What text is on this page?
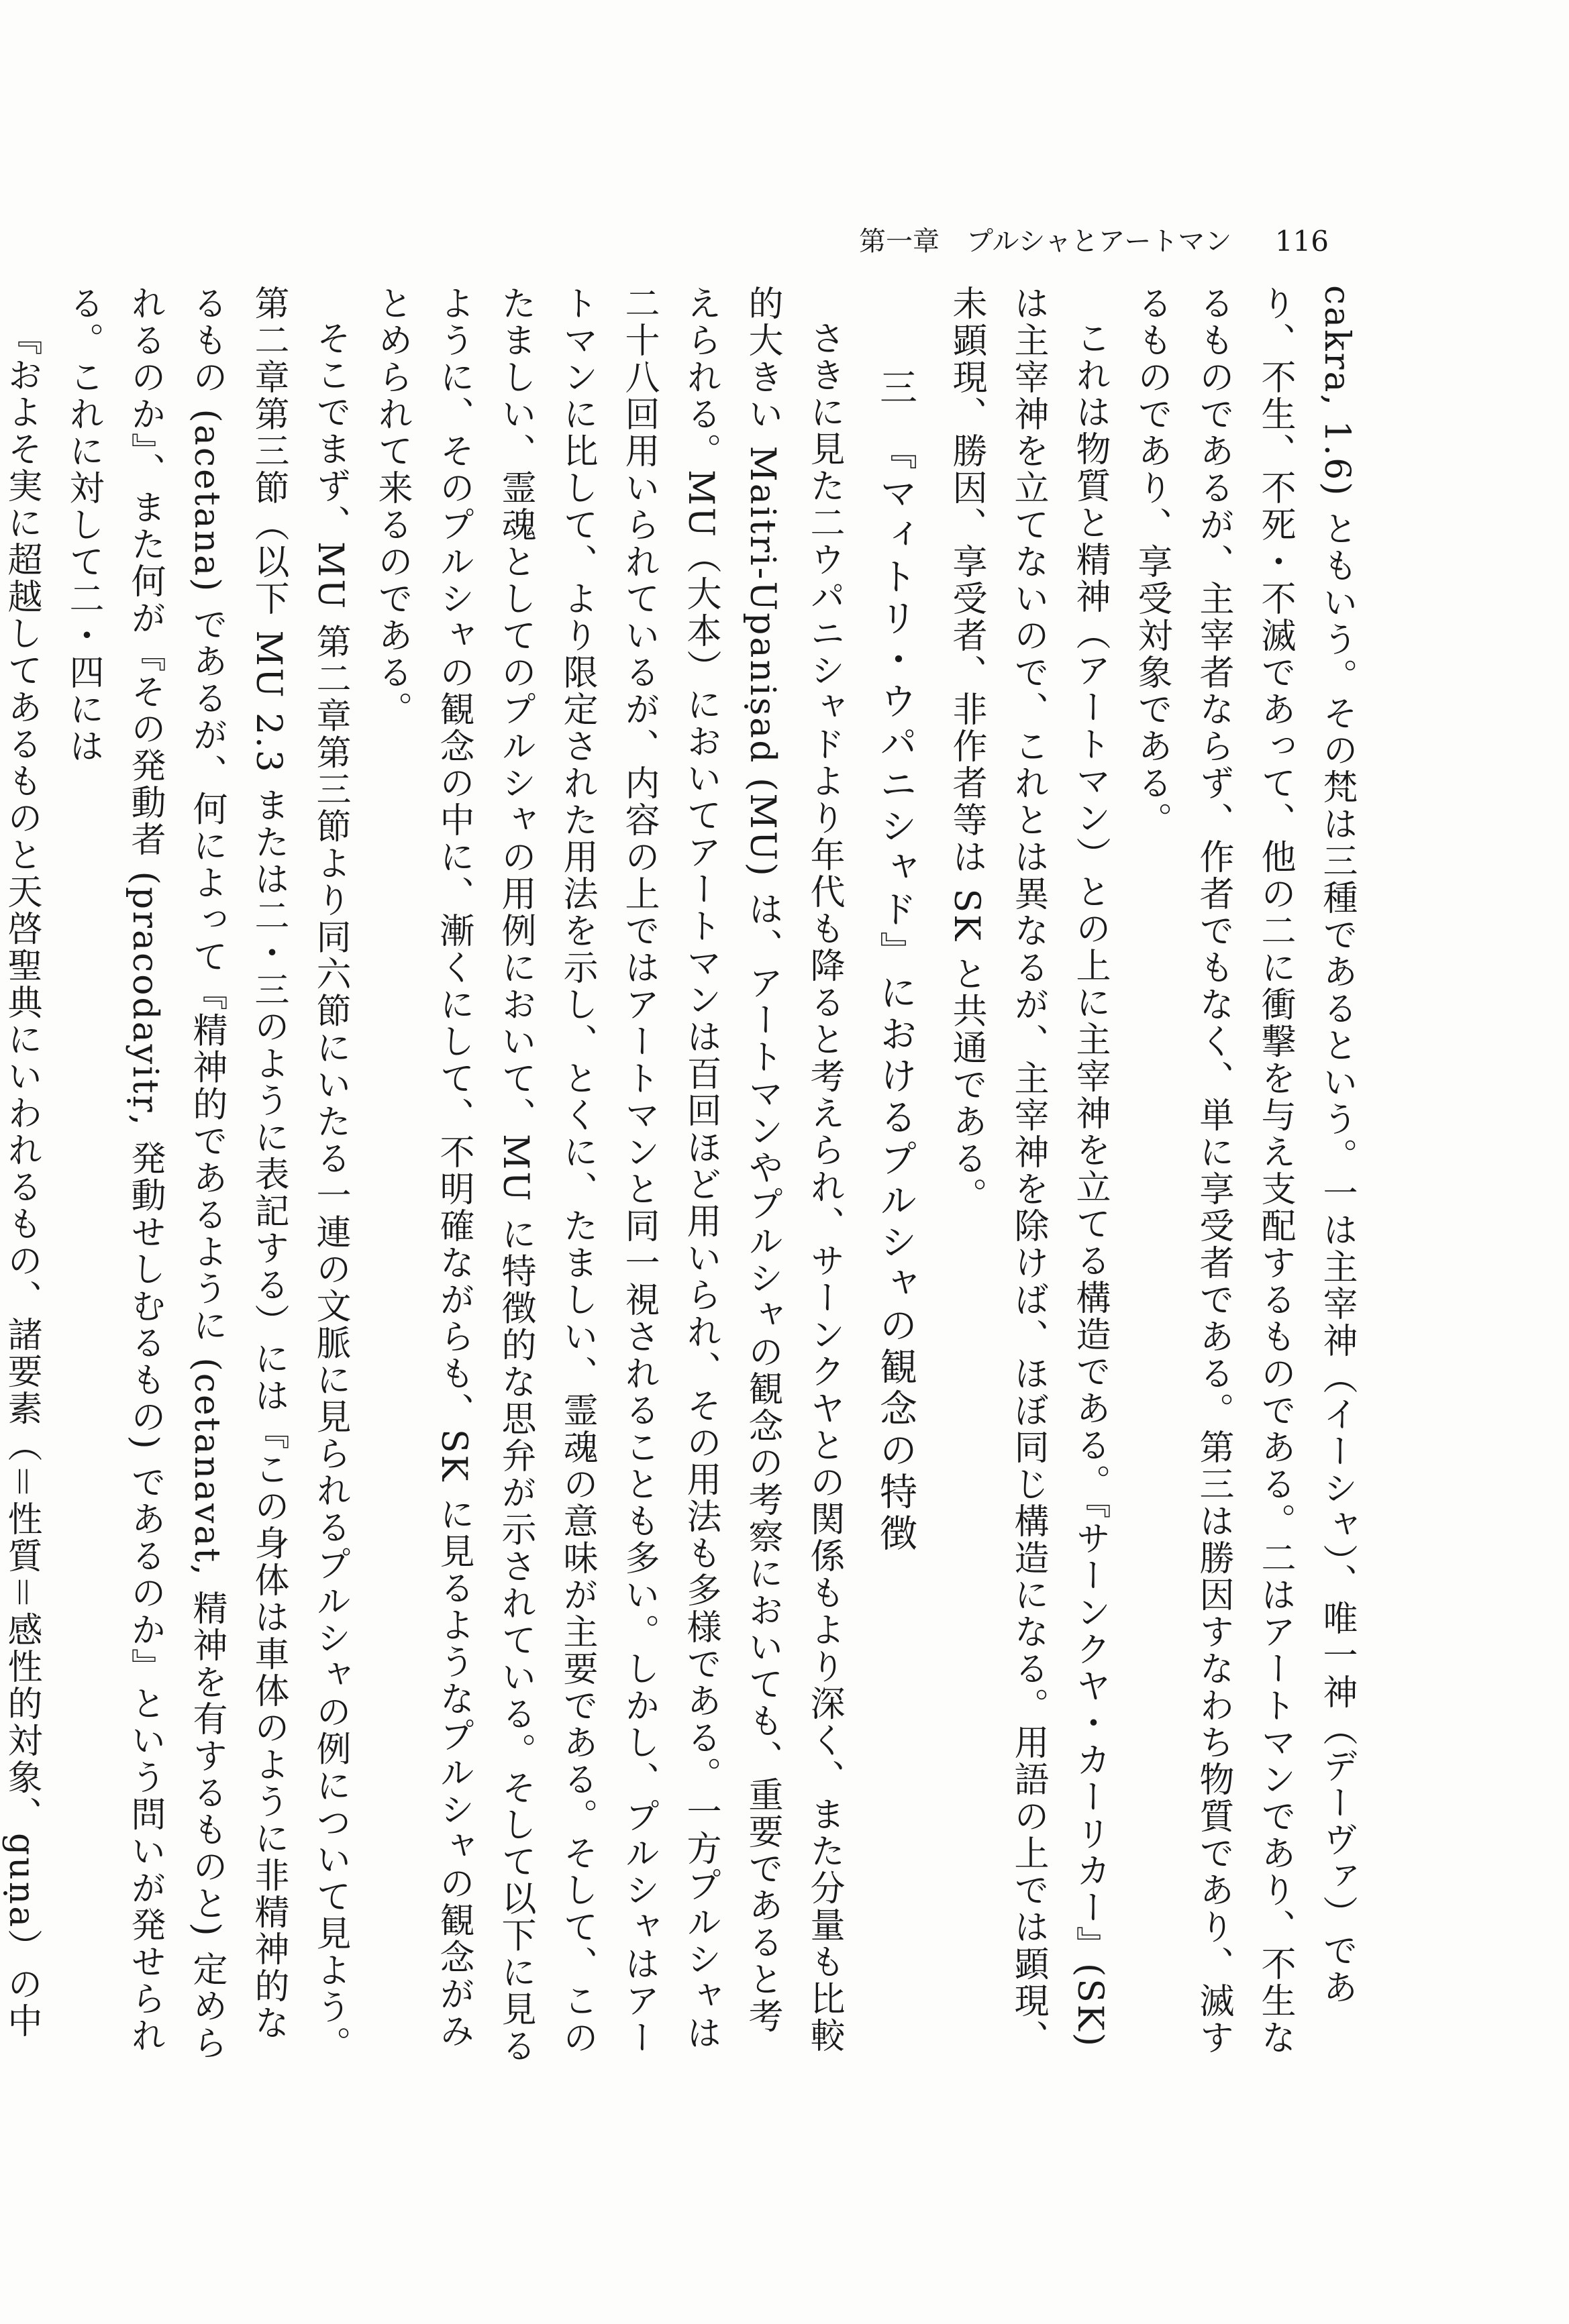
第一章　プルシャとアートマン 116

cakra, 1.6) ともいう。その梵は三種であるという。一は主宰神（イーシャ）、唯一神（デーヴァ）であり、不生、不死・不滅であって、他の二に衝撃を与え支配するものである。二はアートマンであり、不生なるものであるが、主宰者ならず、作者でもなく、単に享受者である。第三は勝因すなわち物質であり、滅するものであり、享受対象である。

これは物質と精神（アートマン）との上に主宰神を立てる構造である。『サーンクヤ・カーリカー』(SK) は主宰神を立てないので、これとは異なるが、主宰神を除けば、ほぼ同じ構造になる。用語の上では顕現、未顕現、勝因、享受者、非作者等は SK と共通である。

三　『マィトリ・ウパニシャド』におけるプルシャの観念の特徴

さきに見た二ウパニシャドより年代も降ると考えられ、サーンクヤとの関係もより深く、また分量も比較的大きい Maitri-Upaniṣad (MU) は、アートマンやプルシャの観念の考察においても、重要であると考えられる。MU（大本）においてアートマンは百回ほど用いられ、その用法も多様である。一方プルシャは二十八回用いられているが、内容の上ではアートマンと同一視されることも多い。しかし、プルシャはアートマンに比して、より限定された用法を示し、とくに、たましい、霊魂の意味が主要である。そして、このたましい、霊魂としてのプルシャの用例において、MU に特徴的な思弁が示されている。そして以下に見るように、そのプルシャの観念の中に、漸くにして、不明確ながらも、SK に見るようなプルシャの観念がみとめられて来るのである。

そこでまず、MU 第二章第三節より同六節にいたる一連の文脈に見られるプルシャの例について見よう。第二章第三節（以下 MU 2.3 または二・三のように表記する）には『この身体は車体のように非精神的なるもの (acetana) であるが、何によって『精神的であるように (cetanavat, 精神を有するものと) 定められるのか』、また何が『その発動者 (pracodayitṛ, 発動せしむるもの) であるのか』という問いが発せられる。これに対して二・四には

『およそ実に超越してあるものと天啓聖典にいわれるもの、諸要素（＝性質＝感性的対象、guṇa）の中
